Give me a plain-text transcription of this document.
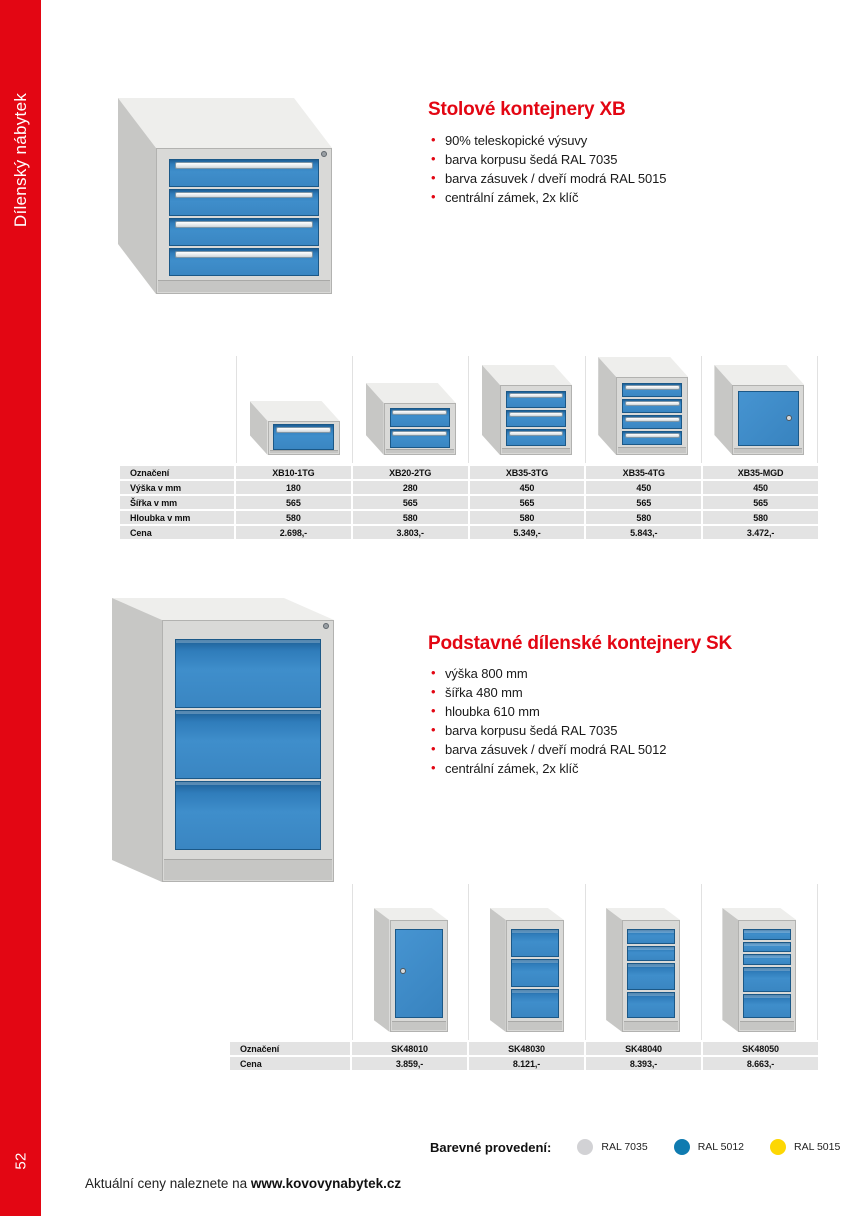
Dílenský nábytek
52
Stolové kontejnery XB
• 90% teleskopické výsuvy
• barva korpusu šedá RAL 7035
• barva zásuvek / dveří modrá RAL 5015
• centrální zámek, 2x klíč
Označení	XB10-1TG	XB20-2TG	XB35-3TG	XB35-4TG	XB35-MGD
Výška v mm	180	280	450	450	450
Šířka v mm	565	565	565	565	565
Hloubka v mm	580	580	580	580	580
Cena	2.698,-	3.803,-	5.349,-	5.843,-	3.472,-
Podstavné dílenské kontejnery SK
• výška 800 mm
• šířka 480 mm
• hloubka 610 mm
• barva korpusu šedá RAL 7035
• barva zásuvek / dveří modrá RAL 5012
• centrální zámek, 2x klíč
Označení	SK48010	SK48030	SK48040	SK48050
Cena	3.859,-	8.121,-	8.393,-	8.663,-
Barevné provedení:	RAL 7035	RAL 5012	RAL 5015
Aktuální ceny naleznete na www.kovovynabytek.cz
